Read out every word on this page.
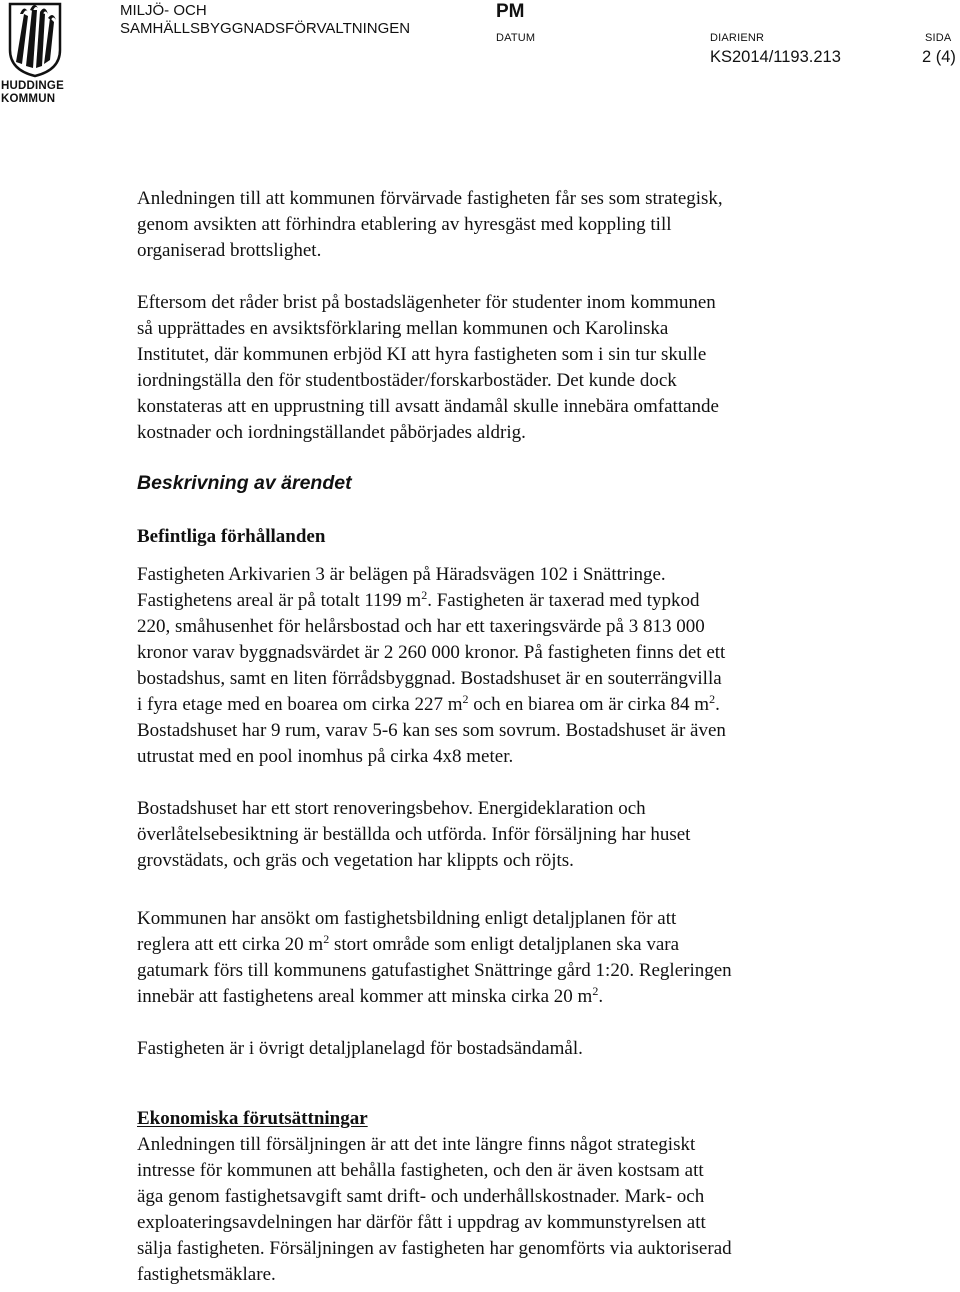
HUDDINGE
KOMMUN
MILJÖ- OCH
SAMHÄLLSBYGGNADSFÖRVALTNINGEN
PM
DATUM	DIARIENR	SIDA
KS2014/1193.213	2 (4)

Anledningen till att kommunen förvärvade fastigheten får ses som strategisk,
genom avsikten att förhindra etablering av hyresgäst med koppling till
organiserad brottslighet.

Eftersom det råder brist på bostadslägenheter för studenter inom kommunen
så upprättades en avsiktsförklaring mellan kommunen och Karolinska
Institutet, där kommunen erbjöd KI att hyra fastigheten som i sin tur skulle
iordningställa den för studentbostäder/forskarbostäder. Det kunde dock
konstateras att en upprustning till avsatt ändamål skulle innebära omfattande
kostnader och iordningställandet påbörjades aldrig.

Beskrivning av ärendet
Befintliga förhållanden

Fastigheten Arkivarien 3 är belägen på Häradsvägen 102 i Snättringe.
Fastighetens areal är på totalt 1199 $m^2$. Fastigheten är taxerad med typkod
220, småhusenhet för helårsbostad och har ett taxeringsvärde på 3 813 000
kronor varav byggnadsvärdet är 2 260 000 kronor. På fastigheten finns det ett
bostadshus, samt en liten förrådsbyggnad. Bostadshuset är en souterrängvilla
i fyra etage med en boarea om cirka 227 $m^2$ och en biarea om är cirka 84 $m^2$.
Bostadshuset har 9 rum, varav 5-6 kan ses som sovrum. Bostadshuset är även
utrustat med en pool inomhus på cirka 4x8 meter.

Bostadshuset har ett stort renoveringsbehov. Energideklaration och
överlåtelsebesiktning är beställda och utförda. Inför försäljning har huset
grovstädats, och gräs och vegetation har klippts och röjts.

Kommunen har ansökt om fastighetsbildning enligt detaljplanen för att
reglera att ett cirka 20 $m^2$ stort område som enligt detaljplanen ska vara
gatumark förs till kommunens gatufastighet Snättringe gård 1:20. Regleringen
innebär att fastighetens areal kommer att minska cirka 20 $m^2$.

Fastigheten är i övrigt detaljplanelagd för bostadsändamål.

Ekonomiska förutsättningar

Anledningen till försäljningen är att det inte längre finns något strategiskt
intresse för kommunen att behålla fastigheten, och den är även kostsam att
äga genom fastighetsavgift samt drift- och underhållskostnader. Mark- och
exploateringsavdelningen har därför fått i uppdrag av kommunstyrelsen att
sälja fastigheten. Försäljningen av fastigheten har genomförts via auktoriserad
fastighetsmäklare.
